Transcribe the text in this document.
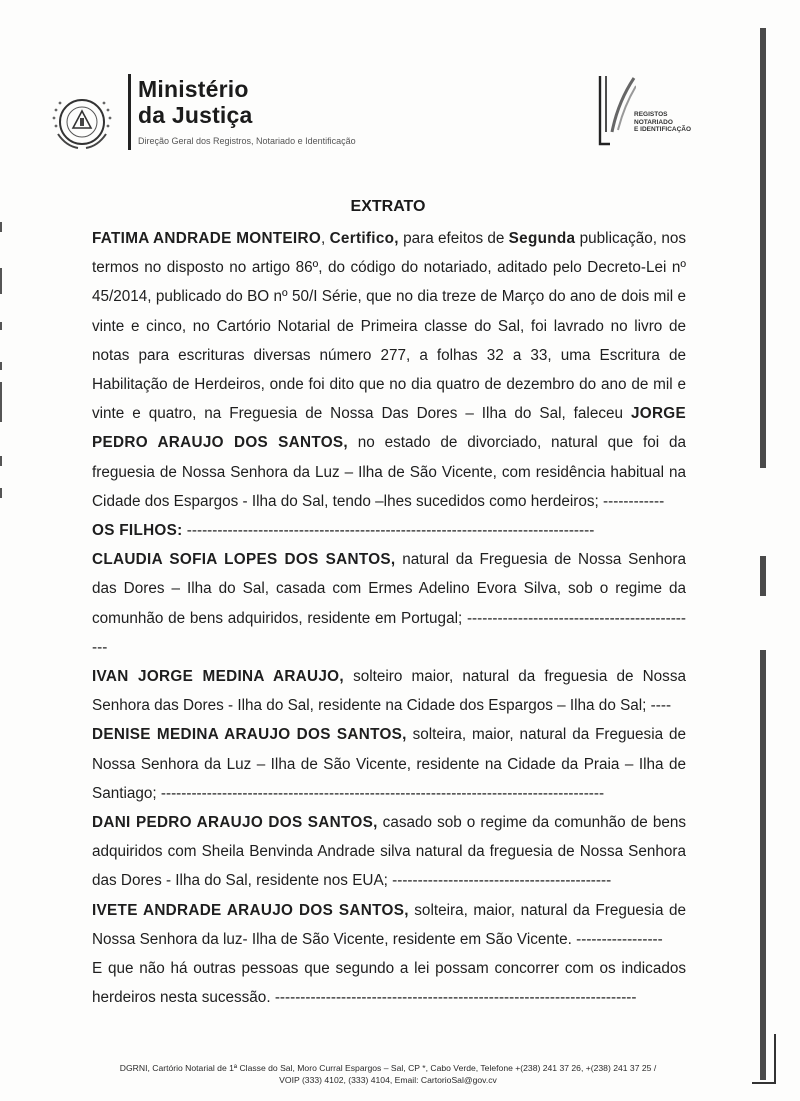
Ministério
da Justiça
Direção Geral dos Registros, Notariado e Identificação
REGISTOS
NOTARIADO
E IDENTIFICAÇÃO
EXTRATO

FATIMA ANDRADE MONTEIRO, Certifico, para efeitos de Segunda publicação, nos termos no disposto no artigo 86º, do código do notariado, aditado pelo Decreto-Lei nº 45/2014, publicado do BO nº 50/I Série, que no dia treze de Março do ano de dois mil e vinte e cinco, no Cartório Notarial de Primeira classe do Sal, foi lavrado no livro de notas para escrituras diversas número 277, a folhas 32 a 33, uma Escritura de Habilitação de Herdeiros, onde foi dito que no dia quatro de dezembro do ano de mil e vinte e quatro, na Freguesia de Nossa Das Dores – Ilha do Sal, faleceu JORGE PEDRO ARAUJO DOS SANTOS, no estado de divorciado, natural que foi da freguesia de Nossa Senhora da Luz – Ilha de São Vicente, com residência habitual na Cidade dos Espargos - Ilha do Sal, tendo –lhes sucedidos como herdeiros; ------------

OS FILHOS: --------------------------------------------------------------------------------

CLAUDIA SOFIA LOPES DOS SANTOS, natural da Freguesia de Nossa Senhora das Dores – Ilha do Sal, casada com Ermes Adelino Evora Silva, sob o regime da comunhão de bens adquiridos, residente em Portugal; ----------------------------------------------

IVAN JORGE MEDINA ARAUJO, solteiro maior, natural da freguesia de Nossa Senhora das Dores - Ilha do Sal, residente na Cidade dos Espargos – Ilha do Sal; ----

DENISE MEDINA ARAUJO DOS SANTOS, solteira, maior, natural da Freguesia de Nossa Senhora da Luz – Ilha de São Vicente, residente na Cidade da Praia – Ilha de Santiago; ---------------------------------------------------------------------------------------

DANI PEDRO ARAUJO DOS SANTOS, casado sob o regime da comunhão de bens adquiridos com Sheila Benvinda Andrade silva natural da freguesia de Nossa Senhora das Dores - Ilha do Sal, residente nos EUA; -------------------------------------------

IVETE ANDRADE ARAUJO DOS SANTOS, solteira, maior, natural da Freguesia de Nossa Senhora da luz- Ilha de São Vicente, residente em São Vicente. -----------------

E que não há outras pessoas que segundo a lei possam concorrer com os indicados herdeiros nesta sucessão. -----------------------------------------------------------------------

DGRNI, Cartório Notarial de 1ª Classe do Sal, Moro Curral Espargos – Sal, CP *, Cabo Verde, Telefone +(238) 241 37 26, +(238) 241 37 25 /
VOIP (333) 4102, (333) 4104, Email: CartorioSal@gov.cv
